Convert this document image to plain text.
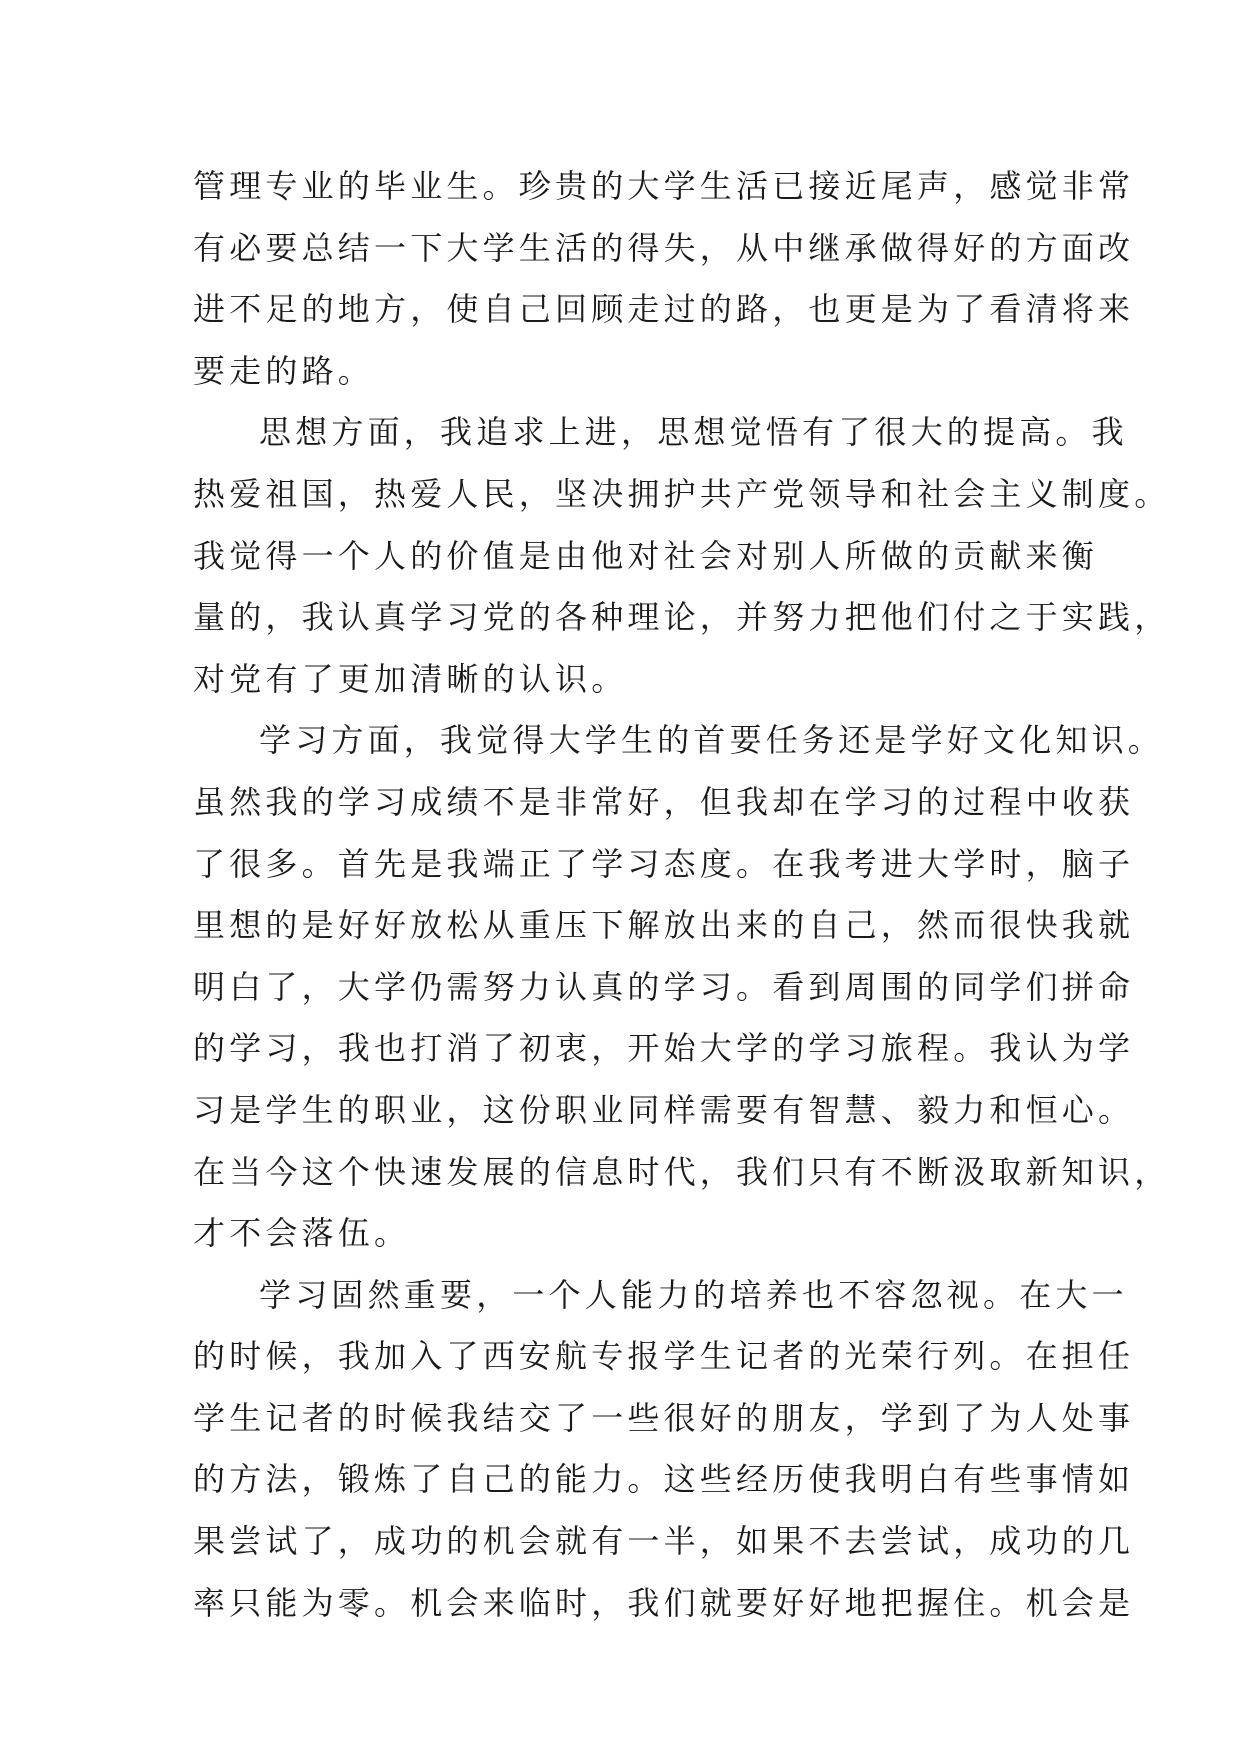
管理专业的毕业生。珍贵的大学生活已接近尾声，感觉非常
有必要总结一下大学生活的得失，从中继承做得好的方面改
进不足的地方，使自己回顾走过的路，也更是为了看清将来
要走的路。
思想方面，我追求上进，思想觉悟有了很大的提高。我
热爱祖国，热爱人民，坚决拥护共产党领导和社会主义制度。
我觉得一个人的价值是由他对社会对别人所做的贡献来衡
量的，我认真学习党的各种理论，并努力把他们付之于实践，
对党有了更加清晰的认识。
学习方面，我觉得大学生的首要任务还是学好文化知识。
虽然我的学习成绩不是非常好，但我却在学习的过程中收获
了很多。首先是我端正了学习态度。在我考进大学时，脑子
里想的是好好放松从重压下解放出来的自己，然而很快我就
明白了，大学仍需努力认真的学习。看到周围的同学们拼命
的学习，我也打消了初衷，开始大学的学习旅程。我认为学
习是学生的职业，这份职业同样需要有智慧、毅力和恒心。
在当今这个快速发展的信息时代，我们只有不断汲取新知识，
才不会落伍。
学习固然重要，一个人能力的培养也不容忽视。在大一
的时候，我加入了西安航专报学生记者的光荣行列。在担任
学生记者的时候我结交了一些很好的朋友，学到了为人处事
的方法，锻炼了自己的能力。这些经历使我明白有些事情如
果尝试了，成功的机会就有一半，如果不去尝试，成功的几
率只能为零。机会来临时，我们就要好好地把握住。机会是
